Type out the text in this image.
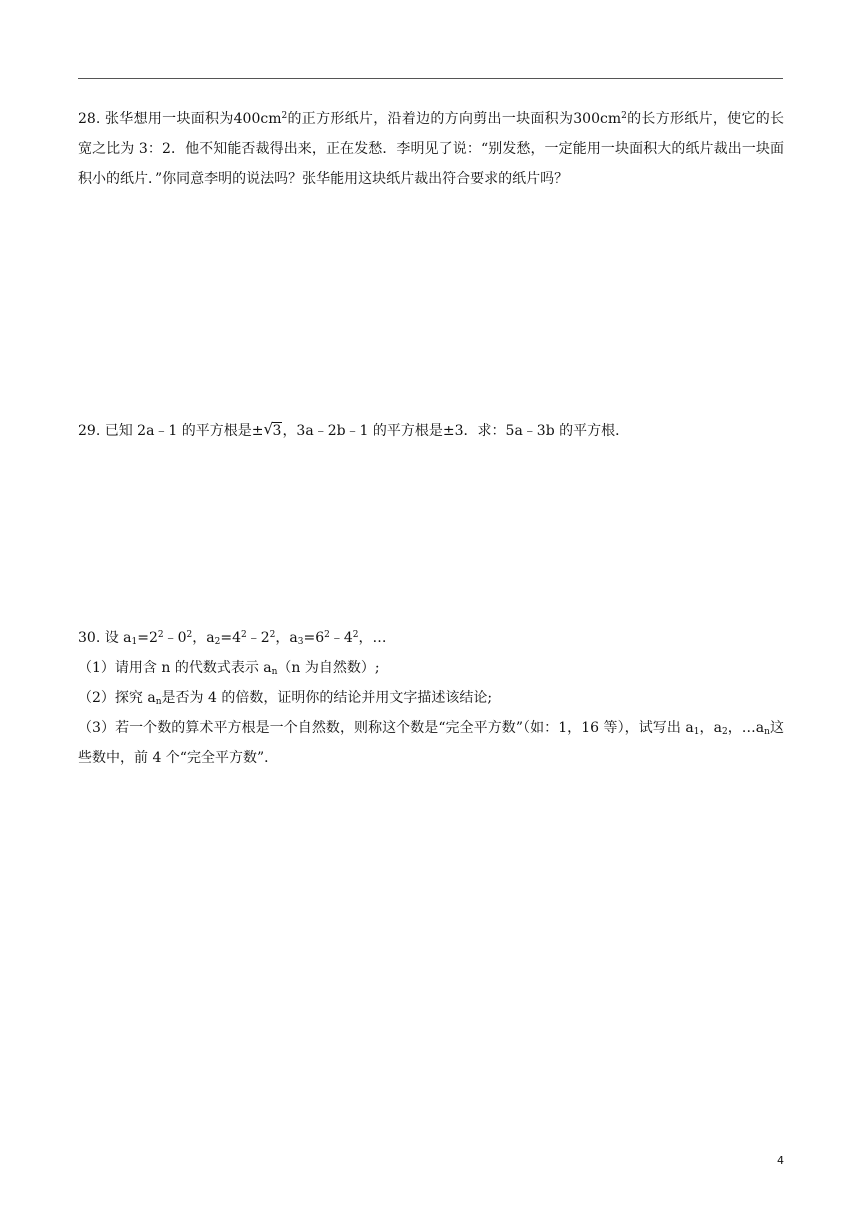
28. 张华想用一块面积为$400cm^2$的正方形纸片，沿着边的方向剪出一块面积为$300cm^2$的长方形纸片，使它的长宽之比为 3：2．他不知能否裁得出来，正在发愁．李明见了说：“别发愁，一定能用一块面积大的纸片裁出一块面积小的纸片．”你同意李明的说法吗？张华能用这块纸片裁出符合要求的纸片吗？

29. 已知 2a﹣1 的平方根是± √ 3，3a﹣2b﹣1 的平方根是±3．求：5a﹣3b 的平方根．

30. 设 $a_1=2^2﹣0^2$，$a_2=4^2﹣2^2$，$a_3=6^2﹣4^2$，…

（1）请用含 n 的代数式表示 $a_n(n$ 为自然数）;

（2）探究 $a_n$是否为 4 的倍数，证明你的结论并用文字描述该结论;

（3）若一个数的算术平方根是一个自然数，则称这个数是“完全平方数”（如：1，16 等），试写出 $a_1$，$a_2$，$\dots a_n$这些数中，前 4 个“完全平方数”．

4
